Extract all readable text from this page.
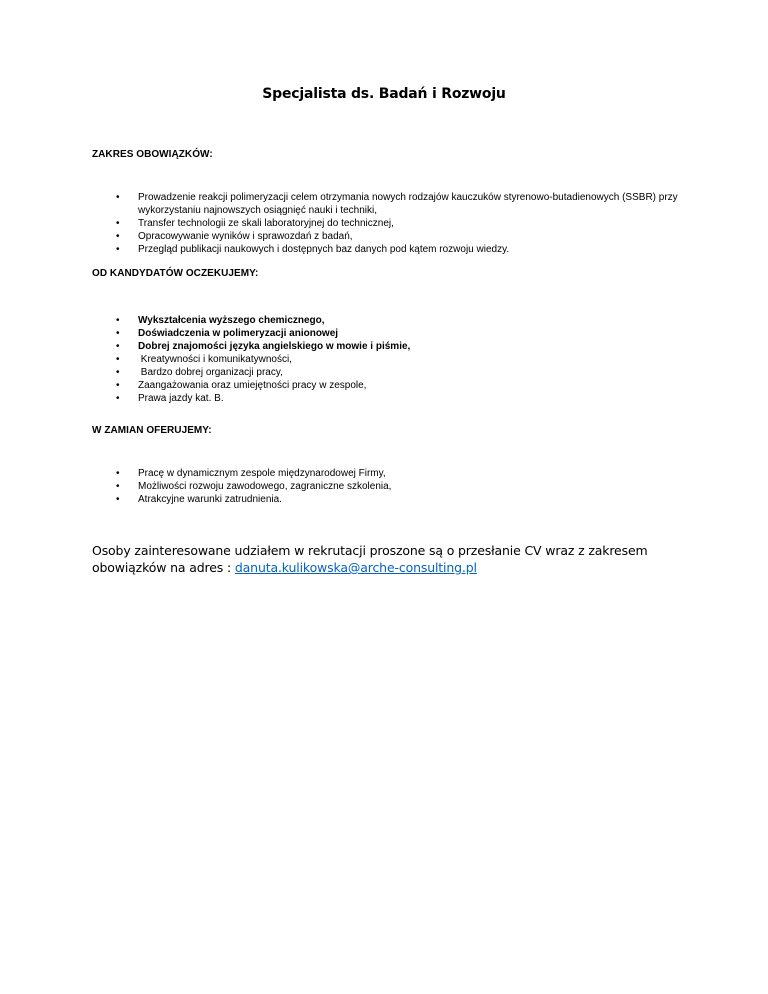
Specjalista ds. Badań i Rozwoju
ZAKRES OBOWIĄZKÓW:
• Prowadzenie reakcji polimeryzacji celem otrzymania nowych rodzajów kauczuków styrenowo-butadienowych (SSBR) przy wykorzystaniu najnowszych osiągnięć nauki i techniki,
• Transfer technologii ze skali laboratoryjnej do technicznej,
• Opracowywanie wyników i sprawozdań z badań,
• Przegląd publikacji naukowych i dostępnych baz danych pod kątem rozwoju wiedzy.
OD KANDYDATÓW OCZEKUJEMY:
• Wykształcenia wyższego chemicznego,
• Doświadczenia w polimeryzacji anionowej
• Dobrej znajomości języka angielskiego w mowie i piśmie,
• Kreatywności i komunikatywności,
• Bardzo dobrej organizacji pracy,
• Zaangażowania oraz umiejętności pracy w zespole,
• Prawa jazdy kat. B.
W ZAMIAN OFERUJEMY:
• Pracę w dynamicznym zespole międzynarodowej Firmy,
• Możliwości rozwoju zawodowego, zagraniczne szkolenia,
• Atrakcyjne warunki zatrudnienia.
Osoby zainteresowane udziałem w rekrutacji proszone są o przesłanie CV wraz z zakresem obowiązków na adres : danuta.kulikowska@arche-consulting.pl
